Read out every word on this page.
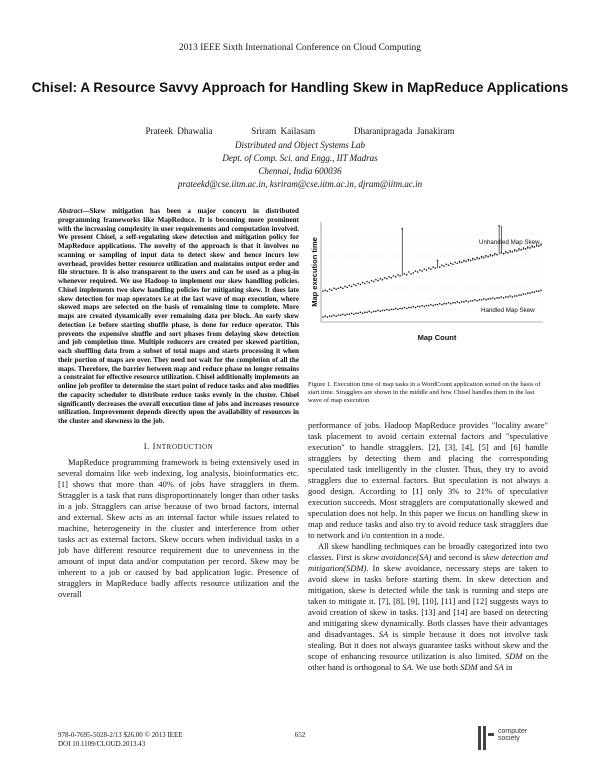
2013 IEEE Sixth International Conference on Cloud Computing
Chisel: A Resource Savvy Approach for Handling Skew in MapReduce Applications
Prateek Dhawalia	Sriram Kailasam	Dharanipragada Janakiram
Distributed and Object Systems Lab
Dept. of Comp. Sci. and Engg., IIT Madras
Chennai, India 600036
prateekd@cse.iitm.ac.in, ksriram@cse.iitm.ac.in, djram@iitm.ac.in

Abstract—Skew mitigation has been a major concern in distributed programming frameworks like MapReduce. It is becoming more prominent with the increasing complexity in user requirements and computation involved. We present Chisel, a self-regulating skew detection and mitigation policy for MapReduce applications. The novelty of the approach is that it involves no scanning or sampling of input data to detect skew and hence incurs low overhead, provides better resource utilization and maintains output order and file structure. It is also transparent to the users and can be used as a plug-in whenever required. We use Hadoop to implement our skew handling policies. Chisel implements two skew handling policies for mitigating skew. It does late skew detection for map operators i.e at the last wave of map execution, where skewed maps are selected on the basis of remaining time to complete. More maps are created dynamically over remaining data per block. An early skew detection i.e before starting shuffle phase, is done for reduce operator. This prevents the expensive shuffle and sort phases from delaying skew detection and job completion time. Multiple reducers are created per skewed partition, each shuffling data from a subset of total maps and starts processing it when their portion of maps are over. They need not wait for the completion of all the maps. Therefore, the barrier between map and reduce phase no longer remains a constraint for effective resource utilization. Chisel additionally implements an online job profiler to determine the start point of reduce tasks and also modifies the capacity scheduler to distribute reduce tasks evenly in the cluster. Chisel significantly decreases the overall execution time of jobs and increases resource utilization. Improvement depends directly upon the availability of resources in the cluster and skewness in the job.

I. INTRODUCTION

MapReduce programming framework is being extensively used in several domains like web indexing, log analysis, bioinformatics etc. [1] shows that more than 40% of jobs have stragglers in them. Straggler is a task that runs disproportionately longer than other tasks in a job. Stragglers can arise because of two broad factors, internal and external. Skew acts as an internal factor while issues related to machine, heterogeneity in the cluster and interference from other tasks act as external factors. Skew occurs when individual tasks in a job have different resource requirement due to unevenness in the amount of input data and/or computation per record. Skew may be inherent to a job or caused by bad application logic. Presence of stragglers in MapReduce badly affects resource utilization and the overall

Map execution time
Map Count
Unhandled Map Skew
Handled Map Skew
Figure 1. Execution time of map tasks in a WordCount application sorted on the basis of start time. Stragglers are shown in the middle and how Chisel handles them in the last wave of map execution

performance of jobs. Hadoop MapReduce provides "locality aware" task placement to avoid certain external factors and "speculative execution" to handle stragglers. [2], [3], [4], [5] and [6] handle stragglers by detecting them and placing the corresponding speculated task intelligently in the cluster. Thus, they try to avoid stragglers due to external factors. But speculation is not always a good design. According to [1] only 3% to 21% of speculative execution succeeds. Most stragglers are computationally skewed and speculation does not help. In this paper we focus on handling skew in map and reduce tasks and also try to avoid reduce task stragglers due to network and i/o contention in a node.

All skew handling techniques can be broadly categorized into two classes. First is skew avoidance(SA) and second is skew detection and mitigation(SDM). In skew avoidance, necessary steps are taken to avoid skew in tasks before starting them. In skew detection and mitigation, skew is detected while the task is running and steps are taken to mitigate it. [7], [8], [9], [10], [11] and [12] suggests ways to avoid creation of skew in tasks. [13] and [14] are based on detecting and mitigating skew dynamically. Both classes have their advantages and disadvantages. SA is simple because it does not involve task stealing. But it does not always guarantee tasks without skew and the scope of enhancing resource utilization is also limited. SDM on the other hand is orthogonal to SA. We use both SDM and SA in

978-0-7695-5028-2/13 $26.00 © 2013 IEEE
DOI 10.1109/CLOUD.2013.43
652	computer
society
